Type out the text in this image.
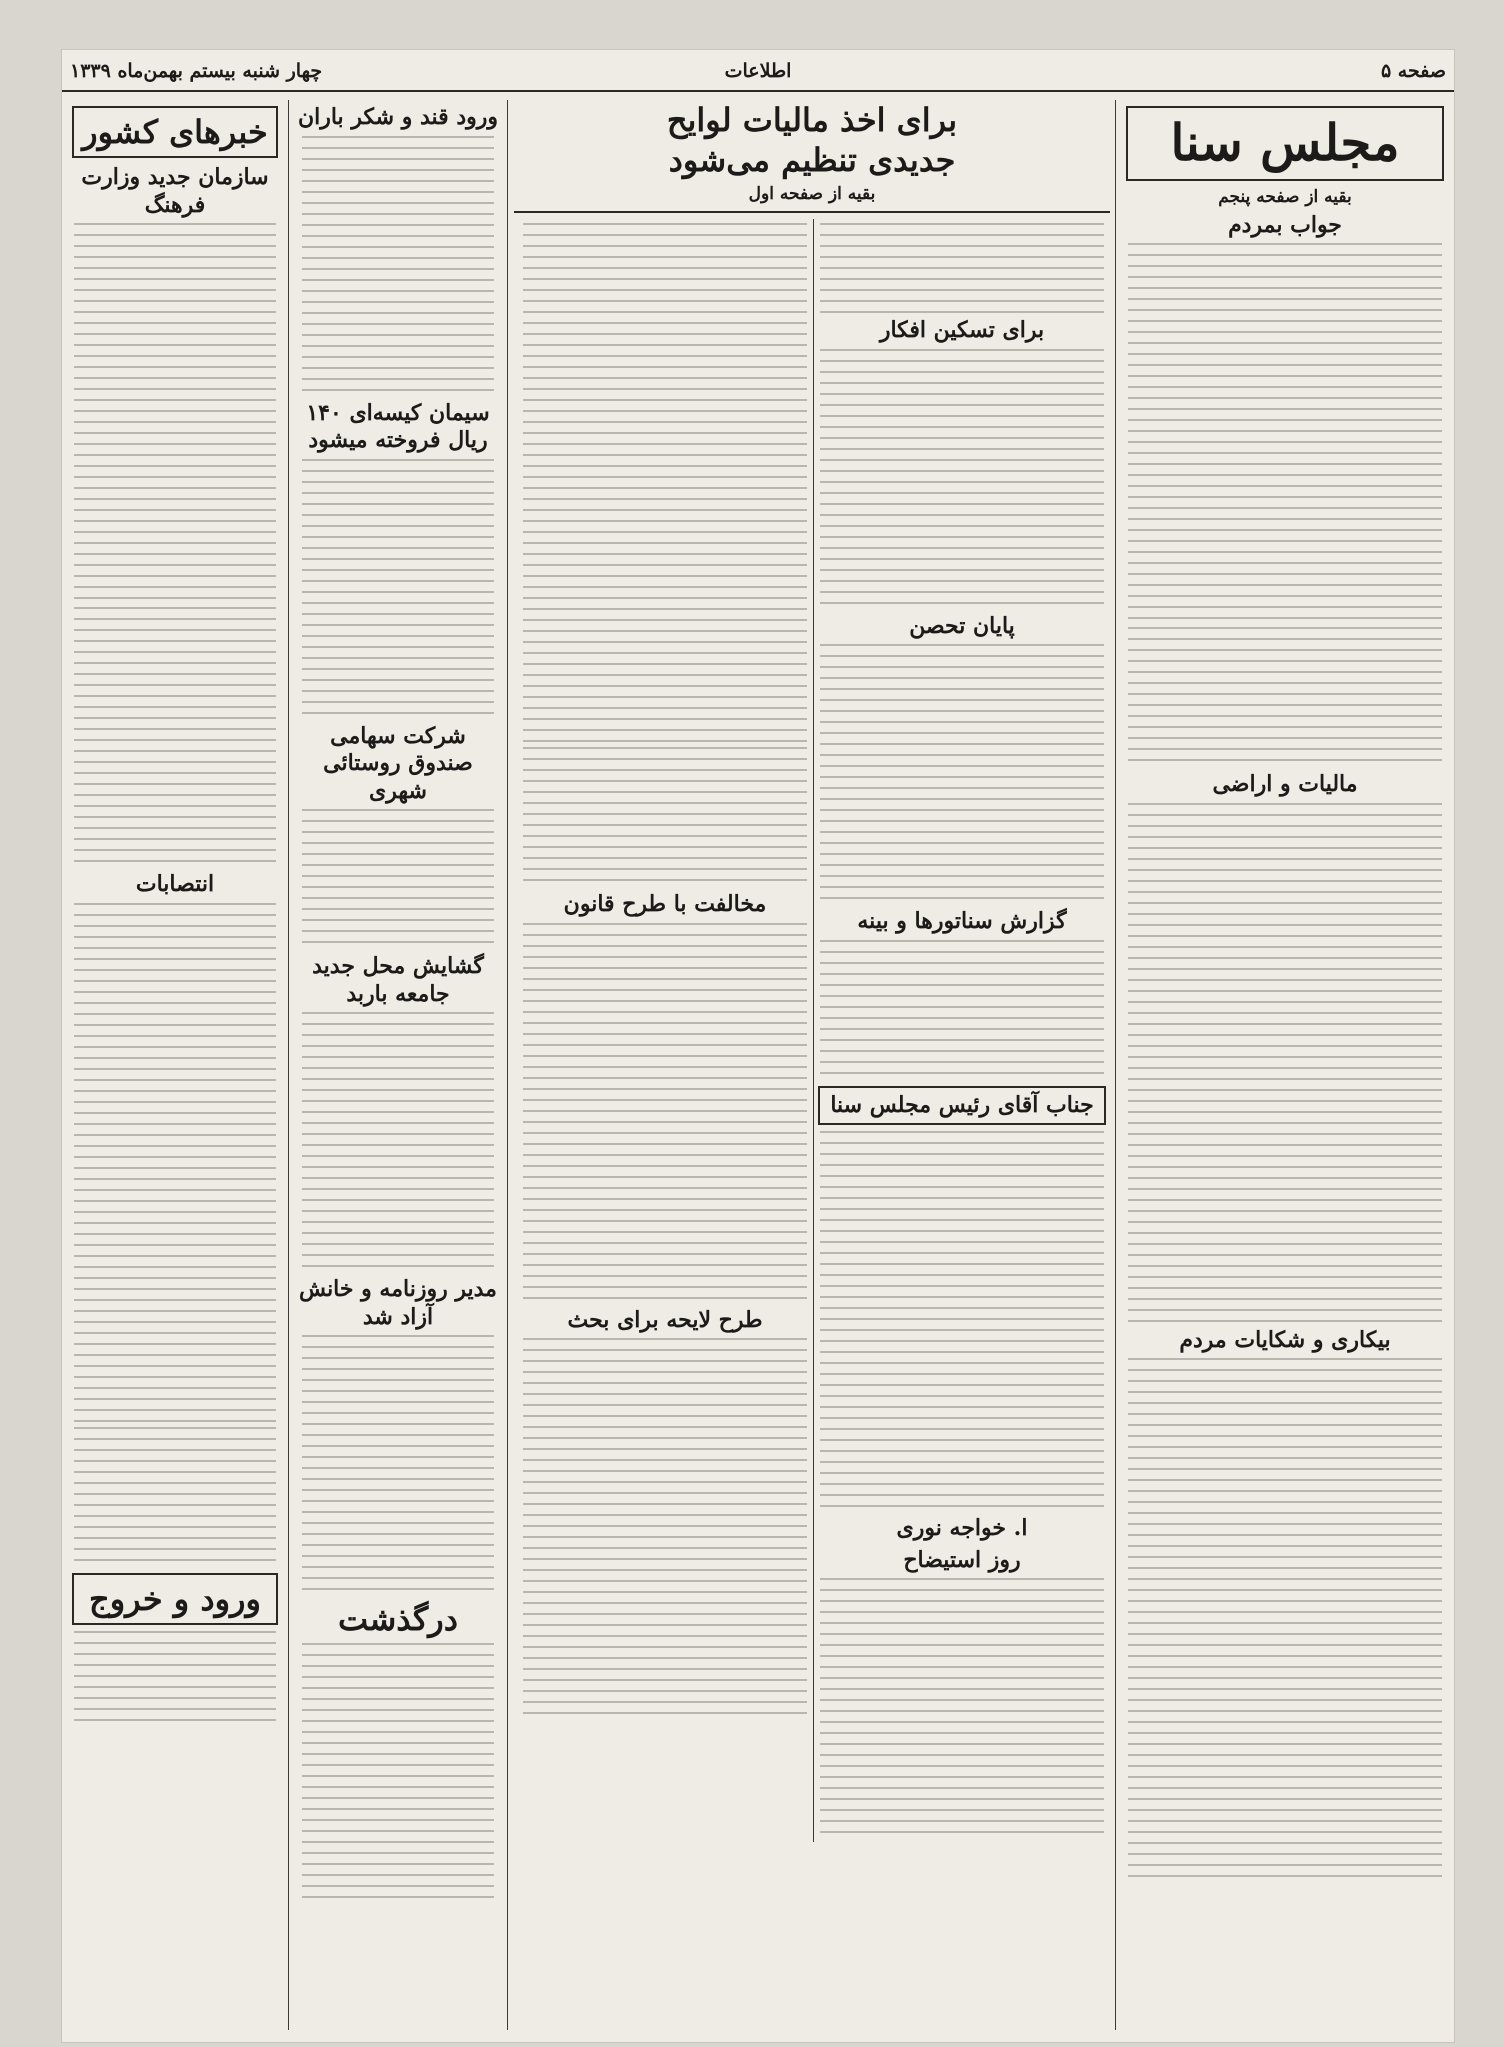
صفحه ۵
اطلاعات
چهار شنبه بیستم بهمن‌ماه ۱۳۳۹
مجلس سنا
بقیه از صفحه پنجم
جواب بمردم
مالیات و اراضی
بیکاری و شکایات مردم
برای اخذ مالیات لوایح جدیدی تنظیم می‌شود
بقیه از صفحه اول
برای تسکین افکار
پایان تحصن
گزارش سناتورها و بینه
جناب آقای رئیس مجلس سنا
ا. خواجه نوری
روز استیضاح
مخالفت با طرح قانون
طرح لایحه برای بحث
ورود قند و شکر باران
سیمان کیسه‌ای ۱۴۰ ریال فروخته میشود
شرکت سهامی صندوق روستائی شهری
گشایش محل جدید جامعه باربد
مدیر روزنامه و خانش آزاد شد
درگذشت
خبرهای کشور
سازمان جدید وزارت فرهنگ
انتصابات
ورود و خروج
